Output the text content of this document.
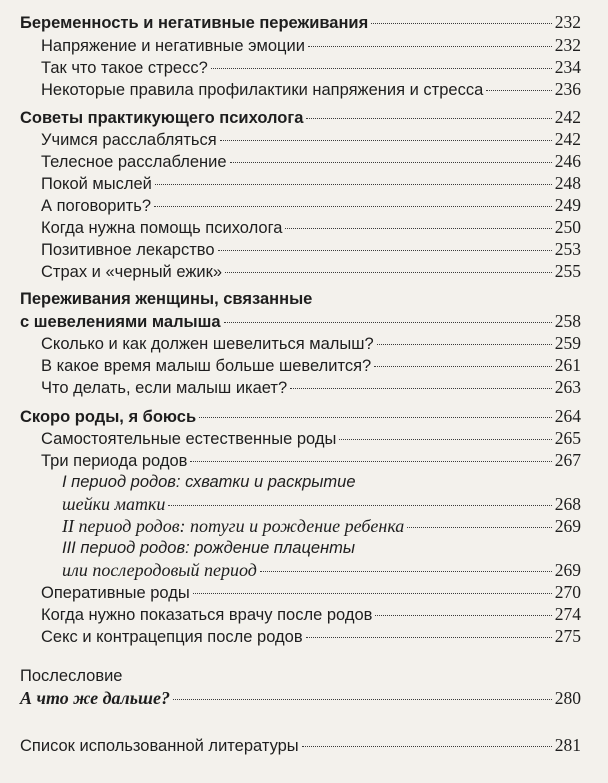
Беременность и негативные переживания	232
Напряжение и негативные эмоции	232
Так что такое стресс?	234
Некоторые правила профилактики напряжения и стресса	236
Советы практикующего психолога	242
Учимся расслабляться	242
Телесное расслабление	246
Покой мыслей	248
А поговорить?	249
Когда нужна помощь психолога	250
Позитивное лекарство	253
Страх и «черный ежик»	255
Переживания женщины, связанные
с шевелениями малыша	258
Сколько и как должен шевелиться малыш?	259
В какое время малыш больше шевелится?	261
Что делать, если малыш икает?	263
Скоро роды, я боюсь	264
Самостоятельные естественные роды	265
Три периода родов	267
I период родов: схватки и раскрытие
шейки матки	268
II период родов: потуги и рождение ребенка	269
III период родов: рождение плаценты
или послеродовый период	269
Оперативные роды	270
Когда нужно показаться врачу после родов	274
Секс и контрацепция после родов	275
Послесловие
А что же дальше?	280
Список использованной литературы	281
